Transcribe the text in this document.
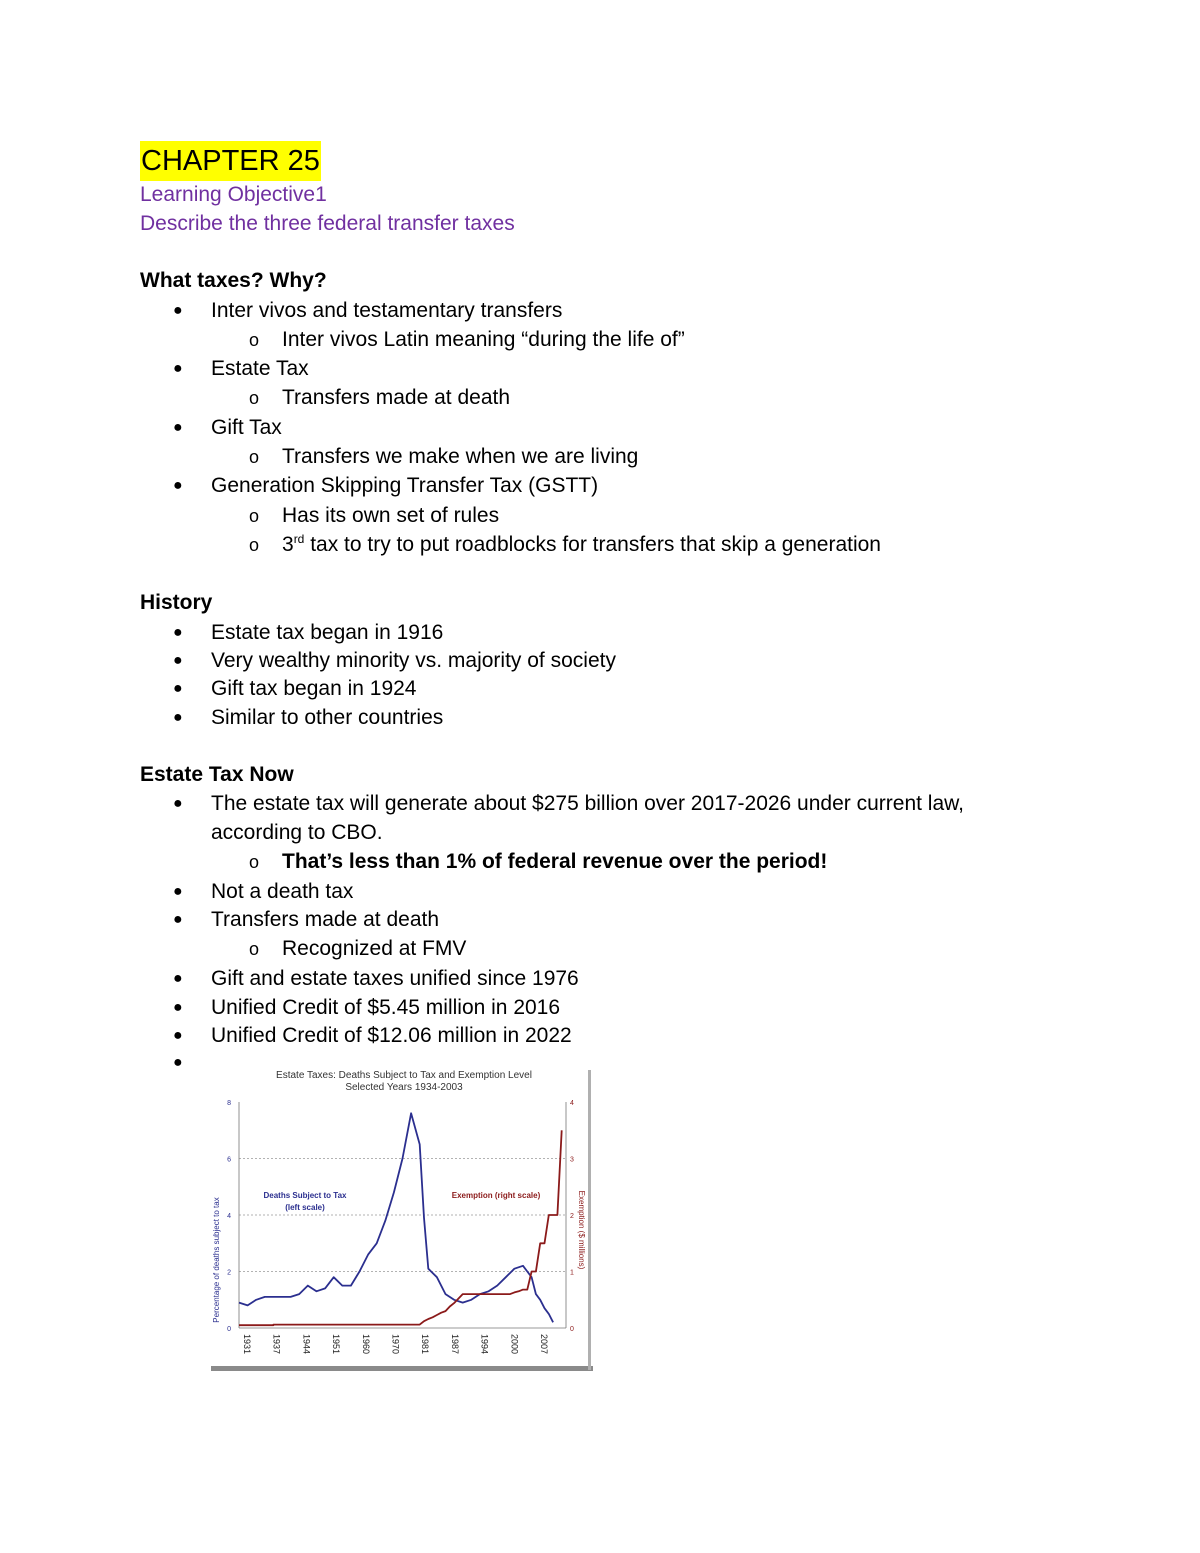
CHAPTER 25
Learning Objective1
Describe the three federal transfer taxes
What taxes? Why?
● Inter vivos and testamentary transfers
o Inter vivos Latin meaning “during the life of”
● Estate Tax
o Transfers made at death
● Gift Tax
o Transfers we make when we are living
● Generation Skipping Transfer Tax (GSTT)
o Has its own set of rules
o 3rd tax to try to put roadblocks for transfers that skip a generation
History
● Estate tax began in 1916
● Very wealthy minority vs. majority of society
● Gift tax began in 1924
● Similar to other countries
Estate Tax Now
● The estate tax will generate about $275 billion over 2017-2026 under current law,
according to CBO.
o That’s less than 1% of federal revenue over the period!
● Not a death tax
● Transfers made at death
o Recognized at FMV
● Gift and estate taxes unified since 1976
● Unified Credit of $5.45 million in 2016
● Unified Credit of $12.06 million in 2022
●
Estate Taxes: Deaths Subject to Tax and Exemption Level
Selected Years 1934-2003
Percentage of deaths subject to tax	Exemption ($ millions)
0
2
4
6
8
0
1
2
3
4
1931 1937 1944 1951 1960 1970 1981 1987 1994 2000 2007
Deaths Subject to Tax
(left scale)
Exemption (right scale)
